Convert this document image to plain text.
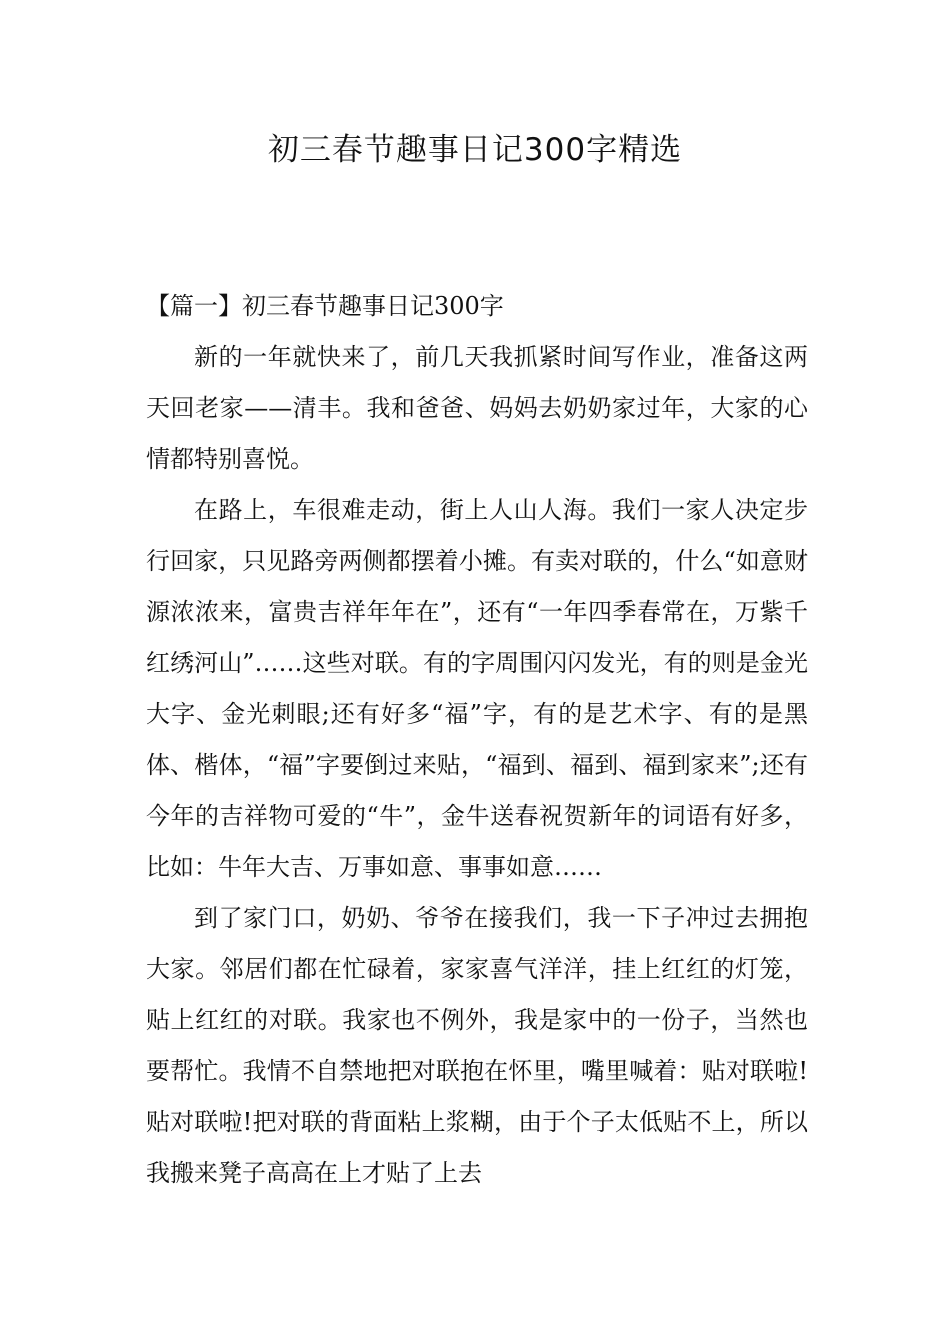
初三春节趣事日记300字精选

【篇一】初三春节趣事日记300字

新的一年就快来了，前几天我抓紧时间写作业，准备这两天回老家——清丰。我和爸爸、妈妈去奶奶家过年，大家的心情都特别喜悦。

在路上，车很难走动，街上人山人海。我们一家人决定步行回家，只见路旁两侧都摆着小摊。有卖对联的，什么“如意财源浓浓来，富贵吉祥年年在”，还有“一年四季春常在，万紫千红绣河山”……这些对联。有的字周围闪闪发光，有的则是金光大字、金光刺眼;还有好多“福”字，有的是艺术字、有的是黑体、楷体，“福”字要倒过来贴，“福到、福到、福到家来”;还有今年的吉祥物可爱的“牛”，金牛送春祝贺新年的词语有好多，比如：牛年大吉、万事如意、事事如意……

到了家门口，奶奶、爷爷在接我们，我一下子冲过去拥抱大家。邻居们都在忙碌着，家家喜气洋洋，挂上红红的灯笼，贴上红红的对联。我家也不例外，我是家中的一份子，当然也要帮忙。我情不自禁地把对联抱在怀里，嘴里喊着：贴对联啦!贴对联啦!把对联的背面粘上浆糊，由于个子太低贴不上，所以我搬来凳子高高在上才贴了上去
